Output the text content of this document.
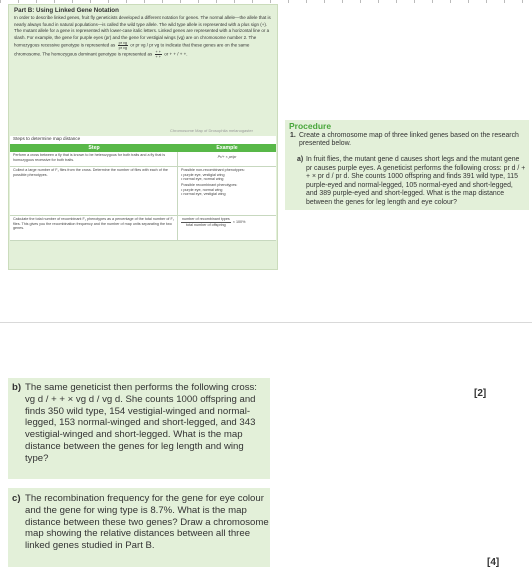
Part B: Using Linked Gene Notation
In order to describe linked genes, fruit fly geneticists developed a different notation for genes. The normal allele—the allele that is nearly always found in natural populations—is called the wild type allele. The wild type allele is represented with a plus sign (+). The mutant allele for a gene is represented with lower-case italic letters. Linked genes are represented with a horizontal line or a slash. For example, the gene for purple eyes (pr) and the gene for vestigial wings (vg) are on chromosome number 2. The homozygous recessive genotype is represented as $\frac{\text{pr vg}}{\text{pr vg}}$ or pr vg / pr vg to indicate that these genes are on the same chromosome. The homozygous dominant genotype is represented as $\frac{+ +}{+ +}$ or + + / + +.
Chromosome Map of Drosophila melanogaster
Steps to determine map distance
Step	Example
Perform a cross between a fly that is known to be heterozygous for both traits and a fly that is homozygous recessive for both traits.
Pr/+ × pr/pr
Collect a large number of F₁ flies from the cross. Determine the number of flies with each of the possible phenotypes.
Possible non-recombinant phenotypes:
• purple eye, vestigial wing
• normal eye, normal wing
Possible recombinant phenotypes:
• purple eye, normal wing
• normal eye, vestigial wing
Calculate the total number of recombinant F₁ phenotypes as a percentage of the total number of F₁ flies. This gives you the recombination frequency and the number of map units separating the two genes.
number of recombinant types
total number of offspring
× 100%
Procedure
1. Create a chromosome map of three linked genes based on the research presented below.
a) In fruit flies, the mutant gene d causes short legs and the mutant gene pr causes purple eyes. A geneticist performs the following cross: pr d / + + × pr d / pr d. She counts 1000 offspring and finds 391 wild type, 115 purple-eyed and normal-legged, 105 normal-eyed and short-legged, and 389 purple-eyed and short-legged. What is the map distance between the genes for leg length and eye colour?
b) The same geneticist then performs the following cross: vg d / + + × vg d / vg d. She counts 1000 offspring and finds 350 wild type, 154 vestigial-winged and normal-legged, 153 normal-winged and short-legged, and 343 vestigial-winged and short-legged. What is the map distance between the genes for leg length and wing type?
[2]
c) The recombination frequency for the gene for eye colour and the gene for wing type is 8.7%. What is the map distance between these two genes? Draw a chromosome map showing the relative distances between all three linked genes studied in Part B.
[4]
